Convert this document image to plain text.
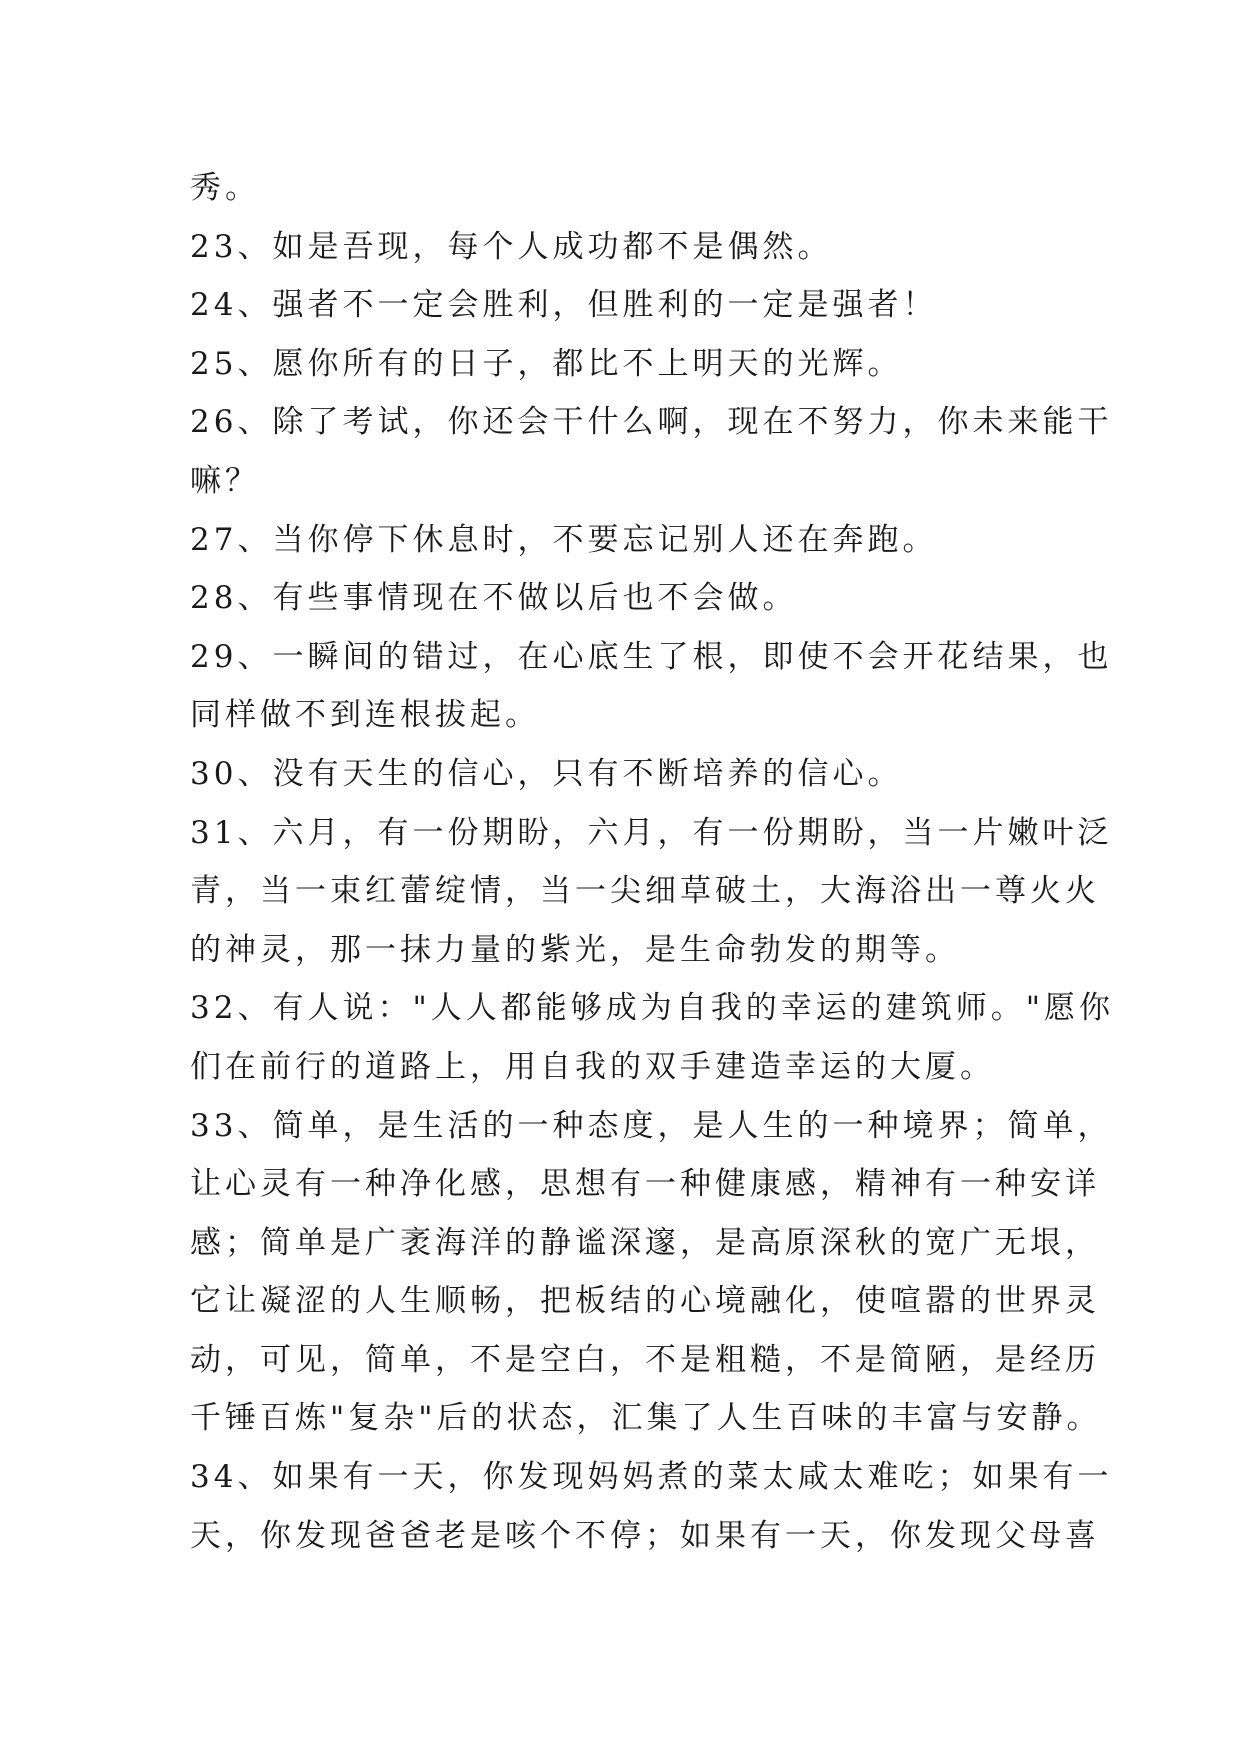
秀。
23、如是吾现，每个人成功都不是偶然。
24、强者不一定会胜利，但胜利的一定是强者！
25、愿你所有的日子，都比不上明天的光辉。
26、除了考试，你还会干什么啊，现在不努力，你未来能干
嘛？
27、当你停下休息时，不要忘记别人还在奔跑。
28、有些事情现在不做以后也不会做。
29、一瞬间的错过，在心底生了根，即使不会开花结果，也
同样做不到连根拔起。
30、没有天生的信心，只有不断培养的信心。
31、六月，有一份期盼，六月，有一份期盼，当一片嫩叶泛
青，当一束红蕾绽情，当一尖细草破土，大海浴出一尊火火
的神灵，那一抹力量的紫光，是生命勃发的期等。
32、有人说："人人都能够成为自我的幸运的建筑师。"愿你
们在前行的道路上，用自我的双手建造幸运的大厦。
33、简单，是生活的一种态度，是人生的一种境界；简单，
让心灵有一种净化感，思想有一种健康感，精神有一种安详
感；简单是广袤海洋的静谧深邃，是高原深秋的宽广无垠，
它让凝涩的人生顺畅，把板结的心境融化，使喧嚣的世界灵
动，可见，简单，不是空白，不是粗糙，不是简陋，是经历
千锤百炼"复杂"后的状态，汇集了人生百味的丰富与安静。
34、如果有一天，你发现妈妈煮的菜太咸太难吃；如果有一
天，你发现爸爸老是咳个不停；如果有一天，你发现父母喜
